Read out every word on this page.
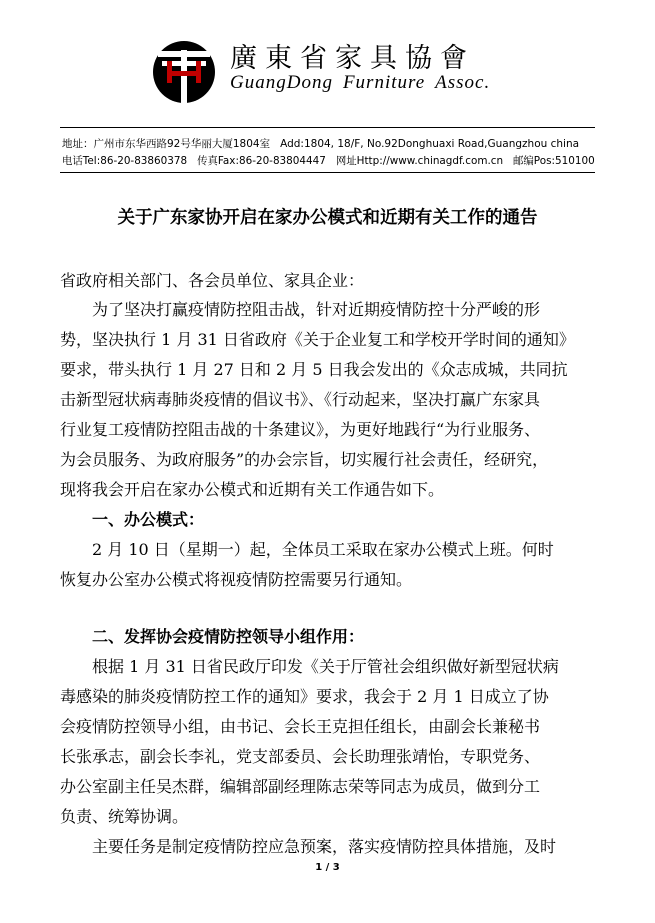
廣東省家具協會
GuangDong Furniture Assoc.
地址：广州市东华西路92号华丽大厦1804室 Add:1804, 18/F, No.92Donghuaxi Road,Guangzhou china
电话Tel:86-20-83860378 传真Fax:86-20-83804447 网址Http://www.chinagdf.com.cn 邮编Pos:510100
关于广东家协开启在家办公模式和近期有关工作的通告
省政府相关部门、各会员单位、家具企业：
为了坚决打赢疫情防控阻击战，针对近期疫情防控十分严峻的形
势，坚决执行 1 月 31 日省政府《关于企业复工和学校开学时间的通知》
要求，带头执行 1 月 27 日和 2 月 5 日我会发出的《众志成城，共同抗
击新型冠状病毒肺炎疫情的倡议书》、《行动起来，坚决打赢广东家具
行业复工疫情防控阻击战的十条建议》，为更好地践行“为行业服务、
为会员服务、为政府服务”的办会宗旨，切实履行社会责任，经研究，
现将我会开启在家办公模式和近期有关工作通告如下。
一、办公模式：
2 月 10 日（星期一）起，全体员工采取在家办公模式上班。何时
恢复办公室办公模式将视疫情防控需要另行通知。
二、发挥协会疫情防控领导小组作用：
根据 1 月 31 日省民政厅印发《关于厅管社会组织做好新型冠状病
毒感染的肺炎疫情防控工作的通知》要求，我会于 2 月 1 日成立了协
会疫情防控领导小组，由书记、会长王克担任组长，由副会长兼秘书
长张承志，副会长李礼，党支部委员、会长助理张靖怡，专职党务、
办公室副主任吴杰群，编辑部副经理陈志荣等同志为成员，做到分工
负责、统筹协调。
主要任务是制定疫情防控应急预案，落实疫情防控具体措施，及时
1 / 3
